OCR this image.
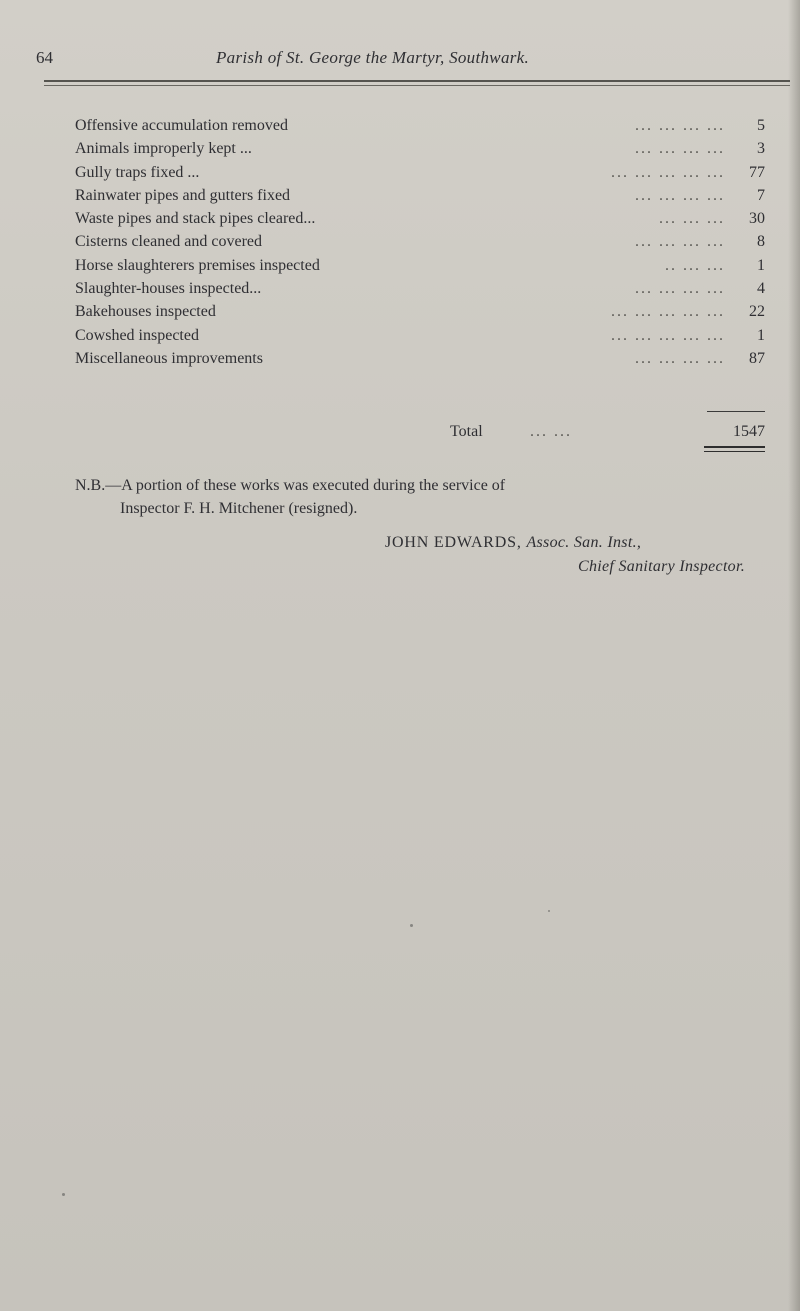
64	Parish of St. George the Martyr, Southwark.
Offensive accumulation removed	... ... ... ...	5
Animals improperly kept ...	... ... ... ...	3
Gully traps fixed ...	... ... ... ... ...	77
Rainwater pipes and gutters fixed	... ... ... ...	7
Waste pipes and stack pipes cleared...	... ... ...	30
Cisterns cleaned and covered	... ... ... ...	8
Horse slaughterers premises inspected	.. ... ...	1
Slaughter-houses inspected...	... ... ... ...	4
Bakehouses inspected	... ... ... ... ...	22
Cowshed inspected	... ... ... ... ...	1
Miscellaneous improvements	... ... ... ...	87
Total	... ...	1547
N.B.—A portion of these works was executed during the service of
Inspector F. H. Mitchener (resigned).
JOHN EDWARDS, Assoc. San. Inst.,
Chief Sanitary Inspector.
